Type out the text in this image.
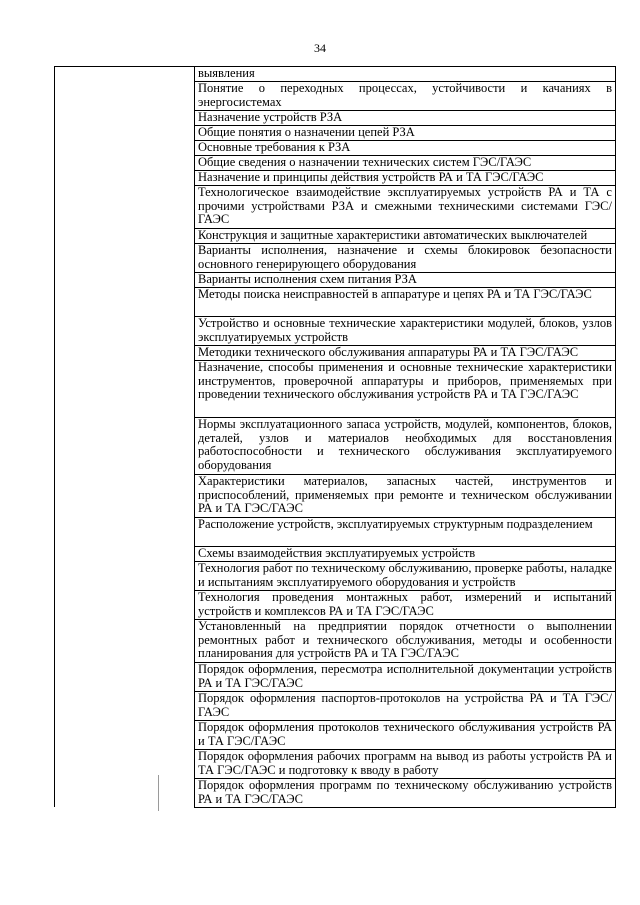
34

выявления

Понятие о переходных процессах, устойчивости и качаниях в энергосистемах

Назначение устройств РЗА

Общие понятия о назначении цепей РЗА

Основные требования к РЗА

Общие сведения о назначении технических систем ГЭС/ГАЭС

Назначение и принципы действия устройств РА и ТА ГЭС/ГАЭС

Технологическое взаимодействие эксплуатируемых устройств РА и ТА с прочими устройствами РЗА и смежными техническими системами ГЭС/ГАЭС

Конструкция и защитные характеристики автоматических выключателей

Варианты исполнения, назначение и схемы блокировок безопасности основного генерирующего оборудования

Варианты исполнения схем питания РЗА

Методы поиска неисправностей в аппаратуре и цепях РА и ТА ГЭС/ГАЭС

Устройство и основные технические характеристики модулей, блоков, узлов эксплуатируемых устройств

Методики технического обслуживания аппаратуры РА и ТА ГЭС/ГАЭС

Назначение, способы применения и основные технические характеристики инструментов, проверочной аппаратуры и приборов, применяемых при проведении технического обслуживания устройств РА и ТА ГЭС/ГАЭС

Нормы эксплуатационного запаса устройств, модулей, компонентов, блоков, деталей, узлов и материалов необходимых для восстановления работоспособности и технического обслуживания эксплуатируемого оборудования

Характеристики материалов, запасных частей, инструментов и приспособлений, применяемых при ремонте и техническом обслуживании РА и ТА ГЭС/ГАЭС

Расположение устройств, эксплуатируемых структурным подразделением

Схемы взаимодействия эксплуатируемых устройств

Технология работ по техническому обслуживанию, проверке работы, наладке и испытаниям эксплуатируемого оборудования и устройств

Технология проведения монтажных работ, измерений и испытаний устройств и комплексов РА и ТА ГЭС/ГАЭС

Установленный на предприятии порядок отчетности о выполнении ремонтных работ и технического обслуживания, методы и особенности планирования для устройств РА и ТА ГЭС/ГАЭС

Порядок оформления, пересмотра исполнительной документации устройств РА и ТА ГЭС/ГАЭС

Порядок оформления паспортов-протоколов на устройства РА и ТА ГЭС/ГАЭС

Порядок оформления протоколов технического обслуживания устройств РА и ТА ГЭС/ГАЭС

Порядок оформления рабочих программ на вывод из работы устройств РА и ТА ГЭС/ГАЭС и подготовку к вводу в работу

Порядок оформления программ по техническому обслуживанию устройств РА и ТА ГЭС/ГАЭС
